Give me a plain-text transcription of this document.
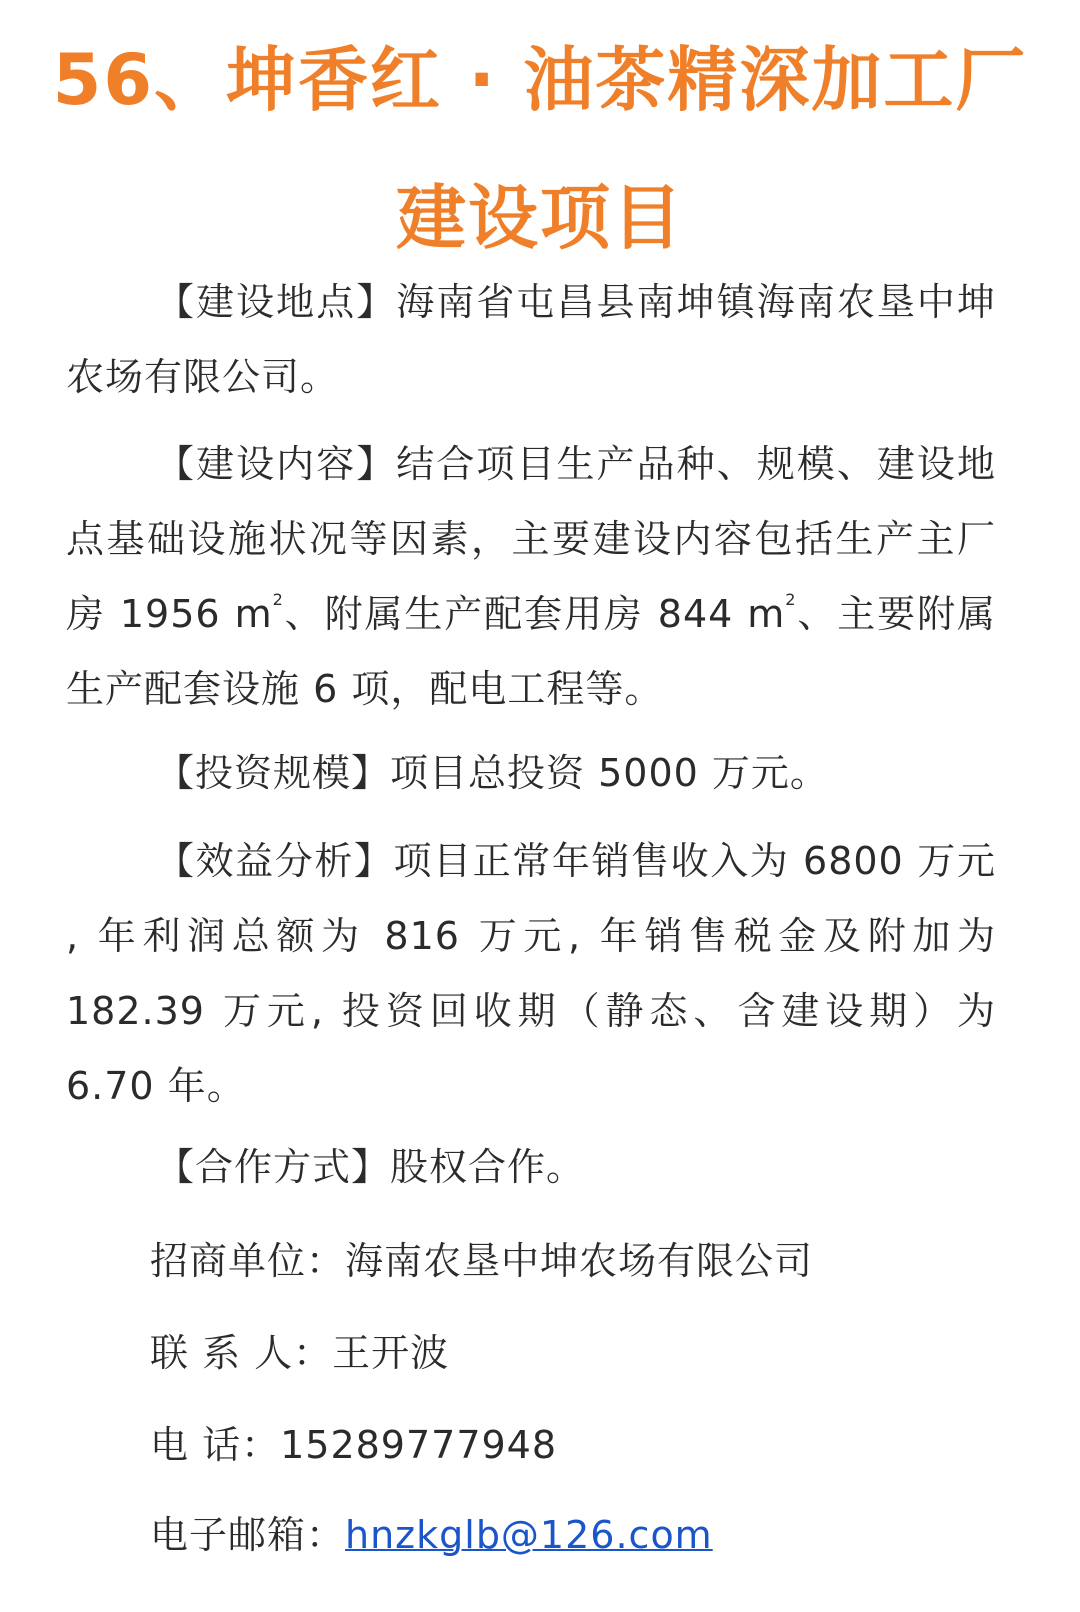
56、坤香红 · 油茶精深加工厂
建设项目

【建设地点】海南省屯昌县南坤镇海南农垦中坤农场有限公司。

【建设内容】结合项目生产品种、规模、建设地点基础设施状况等因素，主要建设内容包括生产主厂房 1956 $m^2$、附属生产配套用房 844 $m^2$、主要附属生产配套设施 6 项，配电工程等。

【投资规模】项目总投资 5000 万元。

【效益分析】项目正常年销售收入为 6800 万元 , 年利润总额为 816 万元, 年销售税金及附加为 182.39 万元, 投资回收期（静态、含建设期）为 6.70 年。

【合作方式】股权合作。

招商单位：海南农垦中坤农场有限公司

联 系 人：王开波

电 话：15289777948

电子邮箱：hnzkglb@126.com
